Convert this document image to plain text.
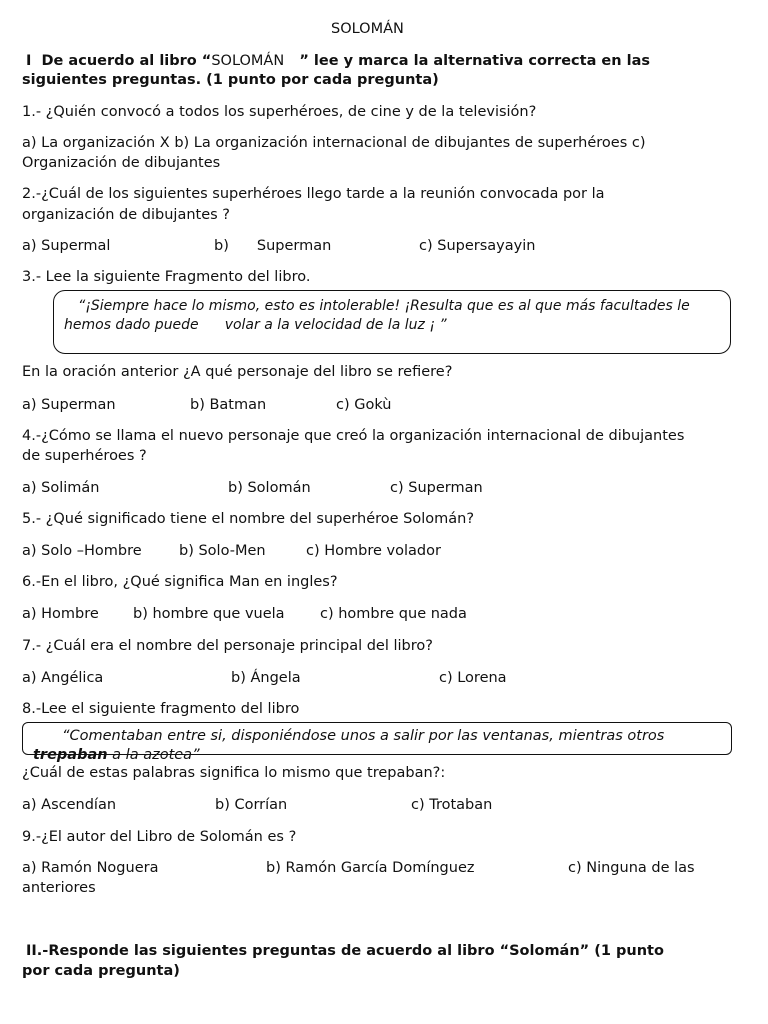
SOLOMÁN
I De acuerdo al libro “SOLOMÁN ” lee y marca la alternativa correcta en las
siguientes preguntas. (1 punto por cada pregunta)
1.- ¿Quién convocó a todos los superhéroes, de cine y de la televisión?
a) La organización X b) La organización internacional de dibujantes de superhéroes c)
Organización de dibujantes
2.-¿Cuál de los siguientes superhéroes llego tarde a la reunión convocada por la
organización de dibujantes ?
a) Supermal	b) Superman	c) Supersayayin
3.- Lee la siguiente Fragmento del libro.
“¡Siempre hace lo mismo, esto es intolerable! ¡Resulta que es al que más facultades le
hemos dado puede volar a la velocidad de la luz ¡ ”
En la oración anterior ¿A qué personaje del libro se refiere?
a) Superman	b) Batman	c) Gokù
4.-¿Cómo se llama el nuevo personaje que creó la organización internacional de dibujantes
de superhéroes ?
a) Solimán	b) Solomán	c) Superman
5.- ¿Qué significado tiene el nombre del superhéroe Solomán?
a) Solo –Hombre	b) Solo-Men	c) Hombre volador
6.-En el libro, ¿Qué significa Man en ingles?
a) Hombre b) hombre que vuela c) hombre que nada
7.- ¿Cuál era el nombre del personaje principal del libro?
a) Angélica	b) Ángela	c) Lorena
8.-Lee el siguiente fragmento del libro
“Comentaban entre si, disponiéndose unos a salir por las ventanas, mientras otros
trepaban a la azotea”
¿Cuál de estas palabras significa lo mismo que trepaban?:
a) Ascendían	b) Corrían	c) Trotaban
9.-¿El autor del Libro de Solomán es ?
a) Ramón Noguera	b) Ramón García Domínguez	c) Ninguna de las
anteriores
II.-Responde las siguientes preguntas de acuerdo al libro “Solomán” (1 punto
por cada pregunta)
